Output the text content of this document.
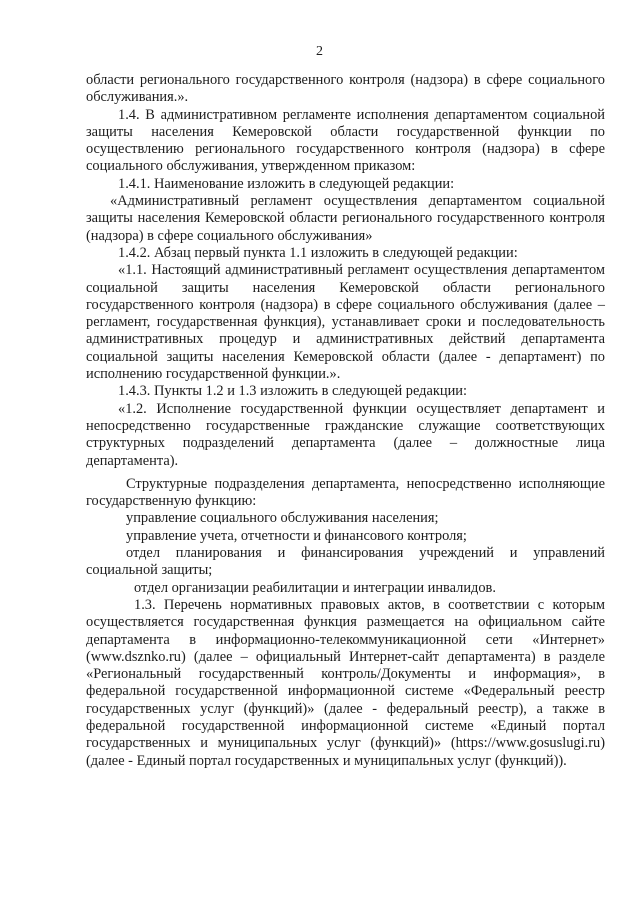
2

области регионального государственного контроля (надзора) в сфере социального обслуживания.».

1.4. В административном регламенте исполнения департаментом социальной защиты населения Кемеровской области государственной функции по осуществлению регионального государственного контроля (надзора) в сфере социального обслуживания, утвержденном приказом:

1.4.1. Наименование изложить в следующей редакции:

«Административный регламент осуществления департаментом социальной защиты населения Кемеровской области регионального государственного контроля (надзора) в сфере социального обслуживания»

1.4.2. Абзац первый пункта 1.1 изложить в следующей редакции:

«1.1. Настоящий административный регламент осуществления департаментом социальной защиты населения Кемеровской области регионального государственного контроля (надзора) в сфере социального обслуживания (далее – регламент, государственная функция), устанавливает сроки и последовательность административных процедур и административных действий департамента социальной защиты населения Кемеровской области (далее - департамент) по исполнению государственной функции.».

1.4.3. Пункты 1.2 и 1.3 изложить в следующей редакции:

«1.2. Исполнение государственной функции осуществляет департамент и непосредственно государственные гражданские служащие соответствующих структурных подразделений департамента (далее – должностные лица департамента).

Структурные подразделения департамента, непосредственно исполняющие государственную функцию:

управление социального обслуживания населения;

управление учета, отчетности и финансового контроля;

отдел планирования и финансирования учреждений и управлений социальной защиты;

отдел организации реабилитации и интеграции инвалидов.

1.3. Перечень нормативных правовых актов, в соответствии с которым осуществляется государственная функция размещается на официальном сайте департамента в информационно-телекоммуникационной сети «Интернет» (www.dsznko.ru) (далее – официальный Интернет-сайт департамента) в разделе «Региональный государственный контроль/Документы и информация», в федеральной государственной информационной системе «Федеральный реестр государственных услуг (функций)» (далее - федеральный реестр), а также в федеральной государственной информационной системе «Единый портал государственных и муниципальных услуг (функций)» (https://www.gosuslugi.ru) (далее - Единый портал государственных и муниципальных услуг (функций)).
